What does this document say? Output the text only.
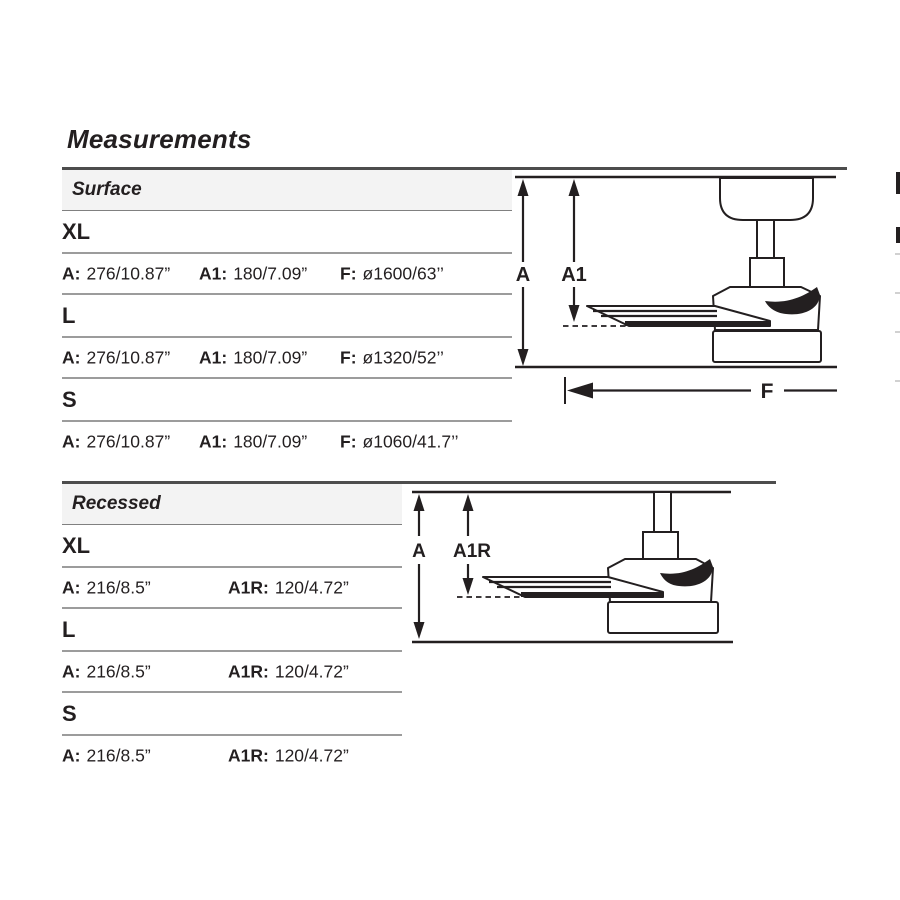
Measurements
Surface
XL
A: 276/10.87” A1: 180/7.09” F: ø1600/63’’
L
A: 276/10.87” A1: 180/7.09” F: ø1320/52’’
S
A: 276/10.87” A1: 180/7.09” F: ø1060/41.7’’
A A1
F
Recessed
XL
A: 216/8.5”	A1R: 120/4.72”
L
A: 216/8.5”	A1R: 120/4.72”
S
A: 216/8.5”	A1R: 120/4.72”
A A1R
